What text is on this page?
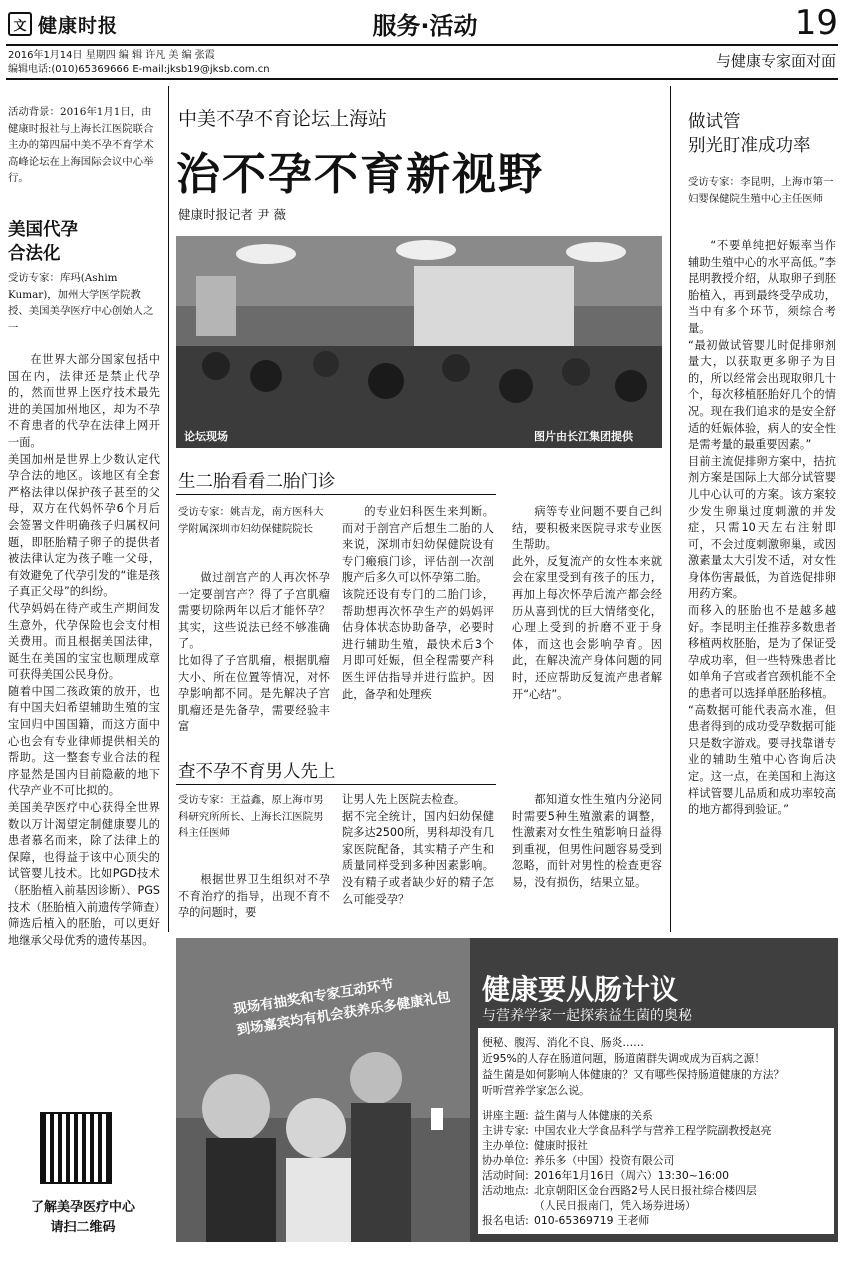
文 健康时报	服务·活动	19
2016年1月14日 星期四 编 辑 许凡 美 编 张霞
编辑电话:(010)65369666 E-mail:jksb19@jksb.com.cn	与健康专家面对面
活动背景：2016年1月1日，由健康时报社与上海长江医院联合主办的第四届中美不孕不育学术高峰论坛在上海国际会议中心举行。
美国代孕
合法化
受访专家：库玛(Ashim Kumar)，加州大学医学院教授、美国美孕医疗中心创始人之一
在世界大部分国家包括中国在内，法律还是禁止代孕的，然而世界上医疗技术最先进的美国加州地区，却为不孕不育患者的代孕在法律上网开一面。
美国加州是世界上少数认定代孕合法的地区。该地区有全套严格法律以保护孩子甚至的父母，双方在代妈怀孕6个月后会签署文件明确孩子归属权问题，即胚胎精子卵子的提供者被法律认定为孩子唯一父母，有效避免了代孕引发的“谁是孩子真正父母”的纠纷。
代孕妈妈在待产或生产期间发生意外，代孕保险也会支付相关费用。而且根据美国法律，诞生在美国的宝宝也顺理成章可获得美国公民身份。
随着中国二孩政策的放开，也有中国夫妇希望辅助生殖的宝宝回归中国国籍，而这方面中心也会有专业律师提供相关的帮助。这一整套专业合法的程序显然是国内目前隐蔽的地下代孕产业不可比拟的。
美国美孕医疗中心获得全世界数以万计渴望定制健康婴儿的患者慕名而来，除了法律上的保障，也得益于该中心顶尖的试管婴儿技术。比如PGD技术（胚胎植入前基因诊断）、PGS技术（胚胎植入前遗传学筛查）筛选后植入的胚胎，可以更好地继承父母优秀的遗传基因。
了解美孕医疗中心
请扫二维码
中美不孕不育论坛上海站
治不孕不育新视野
健康时报记者 尹 薇
论坛现场	图片由长江集团提供
生二胎看看二胎门诊
受访专家：姚吉龙，南方医科大学附属深圳市妇幼保健院院长
做过剖宫产的人再次怀孕一定要剖宫产？得了子宫肌瘤需要切除两年以后才能怀孕？其实，这些说法已经不够准确了。
比如得了子宫肌瘤，根据肌瘤大小、所在位置等情况，对怀孕影响都不同。是先解决子宫肌瘤还是先备孕，需要经验丰富
的专业妇科医生来判断。而对于剖宫产后想生二胎的人来说，深圳市妇幼保健院设有专门瘢痕门诊，评估剖一次剖腹产后多久可以怀孕第二胎。
该院还设有专门的二胎门诊，帮助想再次怀孕生产的妈妈评估身体状态协助备孕，必要时进行辅助生殖，最快术后3个月即可妊娠，但全程需要产科医生评估指导并进行监护。因此，备孕和处理疾
病等专业问题不要自己纠结，要积极来医院寻求专业医生帮助。
此外，反复流产的女性本来就会在家里受到有孩子的压力，再加上每次怀孕后流产都会经历从喜到忧的巨大情绪变化，心理上受到的折磨不亚于身体，而这也会影响孕育。因此，在解决流产身体问题的同时，还应帮助反复流产患者解开“心结”。
查不孕不育男人先上
受访专家：王益鑫，原上海市男科研究所所长、上海长江医院男科主任医师
根据世界卫生组织对不孕不育治疗的指导，出现不育不孕的问题时，要
让男人先上医院去检查。
据不完全统计，国内妇幼保健院多达2500所，男科却没有几家医院配备，其实精子产生和质量同样受到多种因素影响。没有精子或者缺少好的精子怎么可能受孕？
都知道女性生殖内分泌同时需要5种生殖激素的调整，性激素对女性生殖影响日益得到重视，但男性问题容易受到忽略，而针对男性的检查更容易，没有损伤，结果立显。
做试管
别光盯准成功率
受访专家：李昆明，上海市第一妇婴保健院生殖中心主任医师
“不要单纯把好娠率当作辅助生殖中心的水平高低。”李昆明教授介绍，从取卵子到胚胎植入，再到最终受孕成功，当中有多个环节，须综合考量。
“最初做试管婴儿时促排卵剂量大，以获取更多卵子为目的，所以经常会出现取卵几十个，每次移植胚胎好几个的情况。现在我们追求的是安全舒适的妊娠体验，病人的安全性是需考量的最重要因素。”
目前主流促排卵方案中，拮抗剂方案是国际上大部分试管婴儿中心认可的方案。该方案较少发生卵巢过度刺激的并发症，只需10天左右注射即可，不会过度刺激卵巢，或因激素量太大引发不适，对女性身体伤害最低，为首选促排卵用药方案。
而移入的胚胎也不是越多越好。李昆明主任推荐多数患者移植两枚胚胎，是为了保证受孕成功率，但一些特殊患者比如单角子宫或者宫颈机能不全的患者可以选择单胚胎移植。
“高数据可能代表高水准，但患者得到的成功受孕数据可能只是数字游戏。要寻找靠谱专业的辅助生殖中心咨询后决定。这一点，在美国和上海这样试管婴儿品质和成功率较高的地方都得到验证。”
现场有抽奖和专家互动环节
到场嘉宾均有机会获养乐多健康礼包	健康要从肠计议
与营养学家一起探索益生菌的奥秘
便秘、腹泻、消化不良、肠炎……
近95%的人存在肠道问题，肠道菌群失调或成为百病之源！
益生菌是如何影响人体健康的？又有哪些保持肠道健康的方法？
听听营养学家怎么说。
讲座主题: 益生菌与人体健康的关系
主讲专家: 中国农业大学食品科学与营养工程学院副教授赵亮
主办单位: 健康时报社
协办单位: 养乐多（中国）投资有限公司
活动时间: 2016年1月16日（周六）13:30~16:00
活动地点: 北京朝阳区金台西路2号人民日报社综合楼四层
（人民日报南门，凭入场券进场）
报名电话: 010-65369719 王老师
